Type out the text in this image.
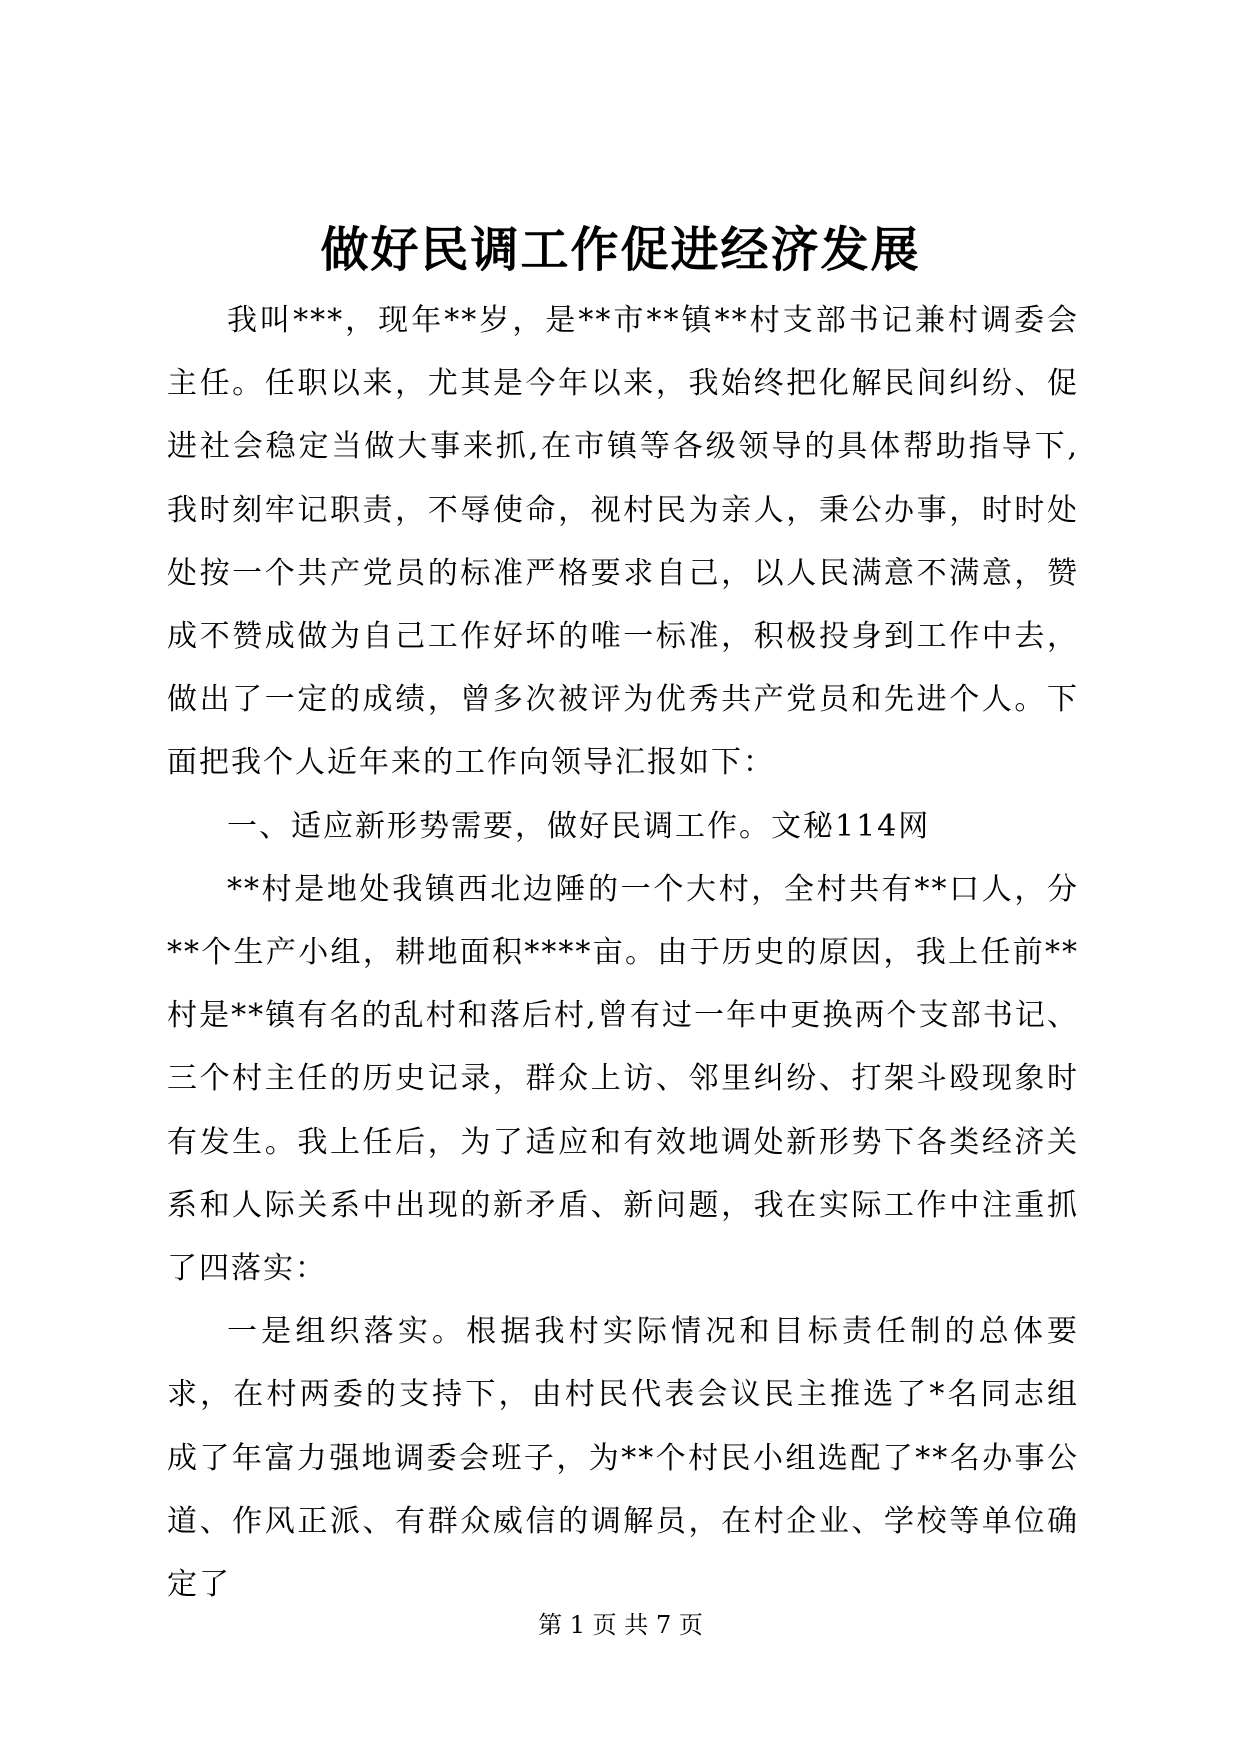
做好民调工作促进经济发展

我叫***，现年**岁，是**市**镇**村支部书记兼村调委会主任。任职以来，尤其是今年以来，我始终把化解民间纠纷、促进社会稳定当做大事来抓,在市镇等各级领导的具体帮助指导下,我时刻牢记职责，不辱使命，视村民为亲人，秉公办事，时时处处按一个共产党员的标准严格要求自己，以人民满意不满意，赞成不赞成做为自己工作好坏的唯一标准，积极投身到工作中去，做出了一定的成绩，曾多次被评为优秀共产党员和先进个人。下面把我个人近年来的工作向领导汇报如下：

一、适应新形势需要，做好民调工作。文秘114网

**村是地处我镇西北边陲的一个大村，全村共有**口人，分**个生产小组，耕地面积****亩。由于历史的原因，我上任前**村是**镇有名的乱村和落后村,曾有过一年中更换两个支部书记、三个村主任的历史记录，群众上访、邻里纠纷、打架斗殴现象时有发生。我上任后，为了适应和有效地调处新形势下各类经济关系和人际关系中出现的新矛盾、新问题，我在实际工作中注重抓了四落实：

一是组织落实。根据我村实际情况和目标责任制的总体要求，在村两委的支持下，由村民代表会议民主推选了*名同志组成了年富力强地调委会班子，为**个村民小组选配了**名办事公道、作风正派、有群众威信的调解员，在村企业、学校等单位确定了

第 1 页 共 7 页
